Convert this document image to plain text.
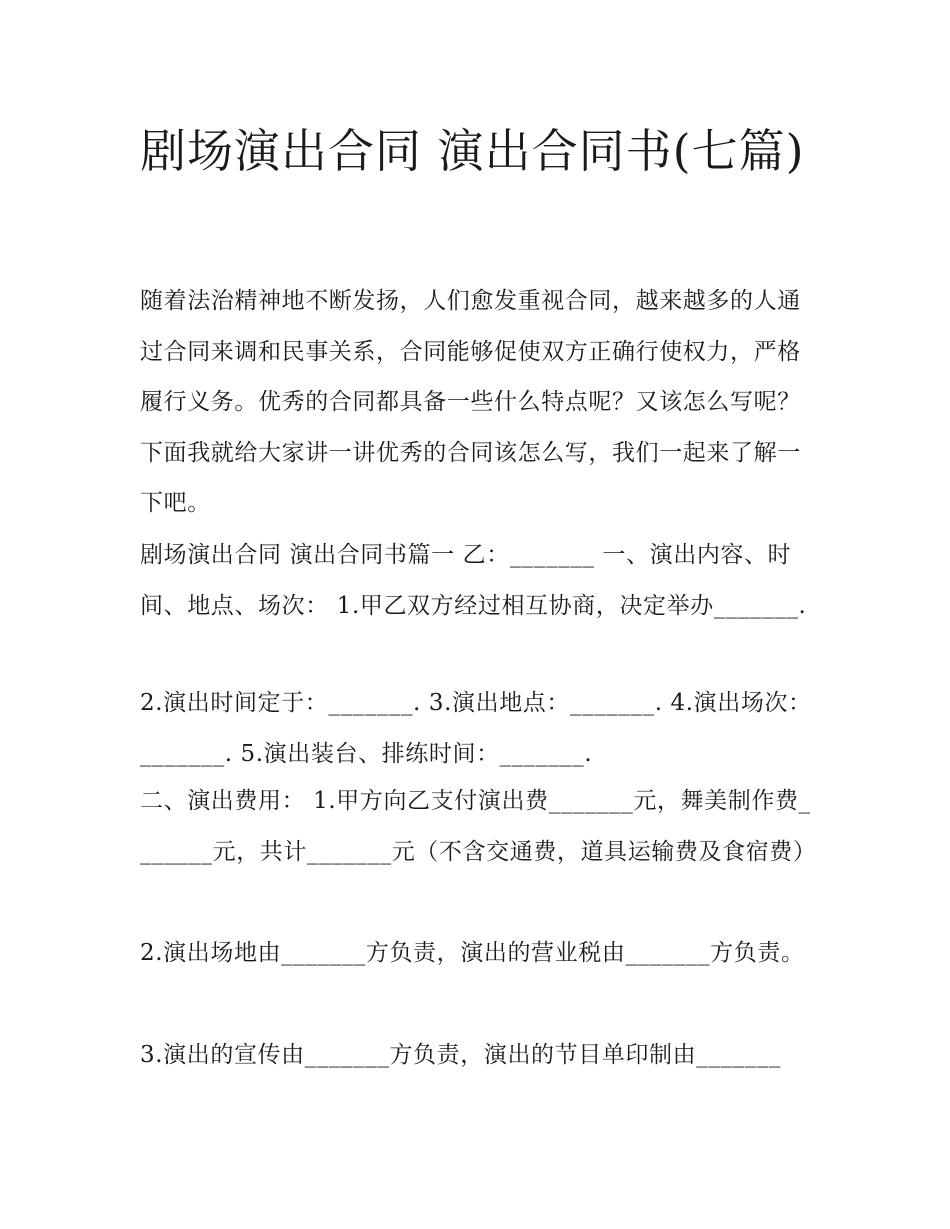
剧场演出合同 演出合同书(七篇)

随着法治精神地不断发扬，人们愈发重视合同，越来越多的人通过合同来调和民事关系，合同能够促使双方正确行使权力，严格履行义务。优秀的合同都具备一些什么特点呢？又该怎么写呢？下面我就给大家讲一讲优秀的合同该怎么写，我们一起来了解一下吧。

剧场演出合同 演出合同书篇一 乙：_______ 一、演出内容、时间、地点、场次： 1.甲乙双方经过相互协商，决定举办_______.

2.演出时间定于：_______. 3.演出地点：_______. 4.演出场次：_______. 5.演出装台、排练时间：_______.

二、演出费用： 1.甲方向乙支付演出费_______元，舞美制作费_______元，共计_______元（不含交通费，道具运输费及食宿费）

2.演出场地由_______方负责，演出的营业税由_______方负责。

3.演出的宣传由_______方负责，演出的节目单印制由_______
